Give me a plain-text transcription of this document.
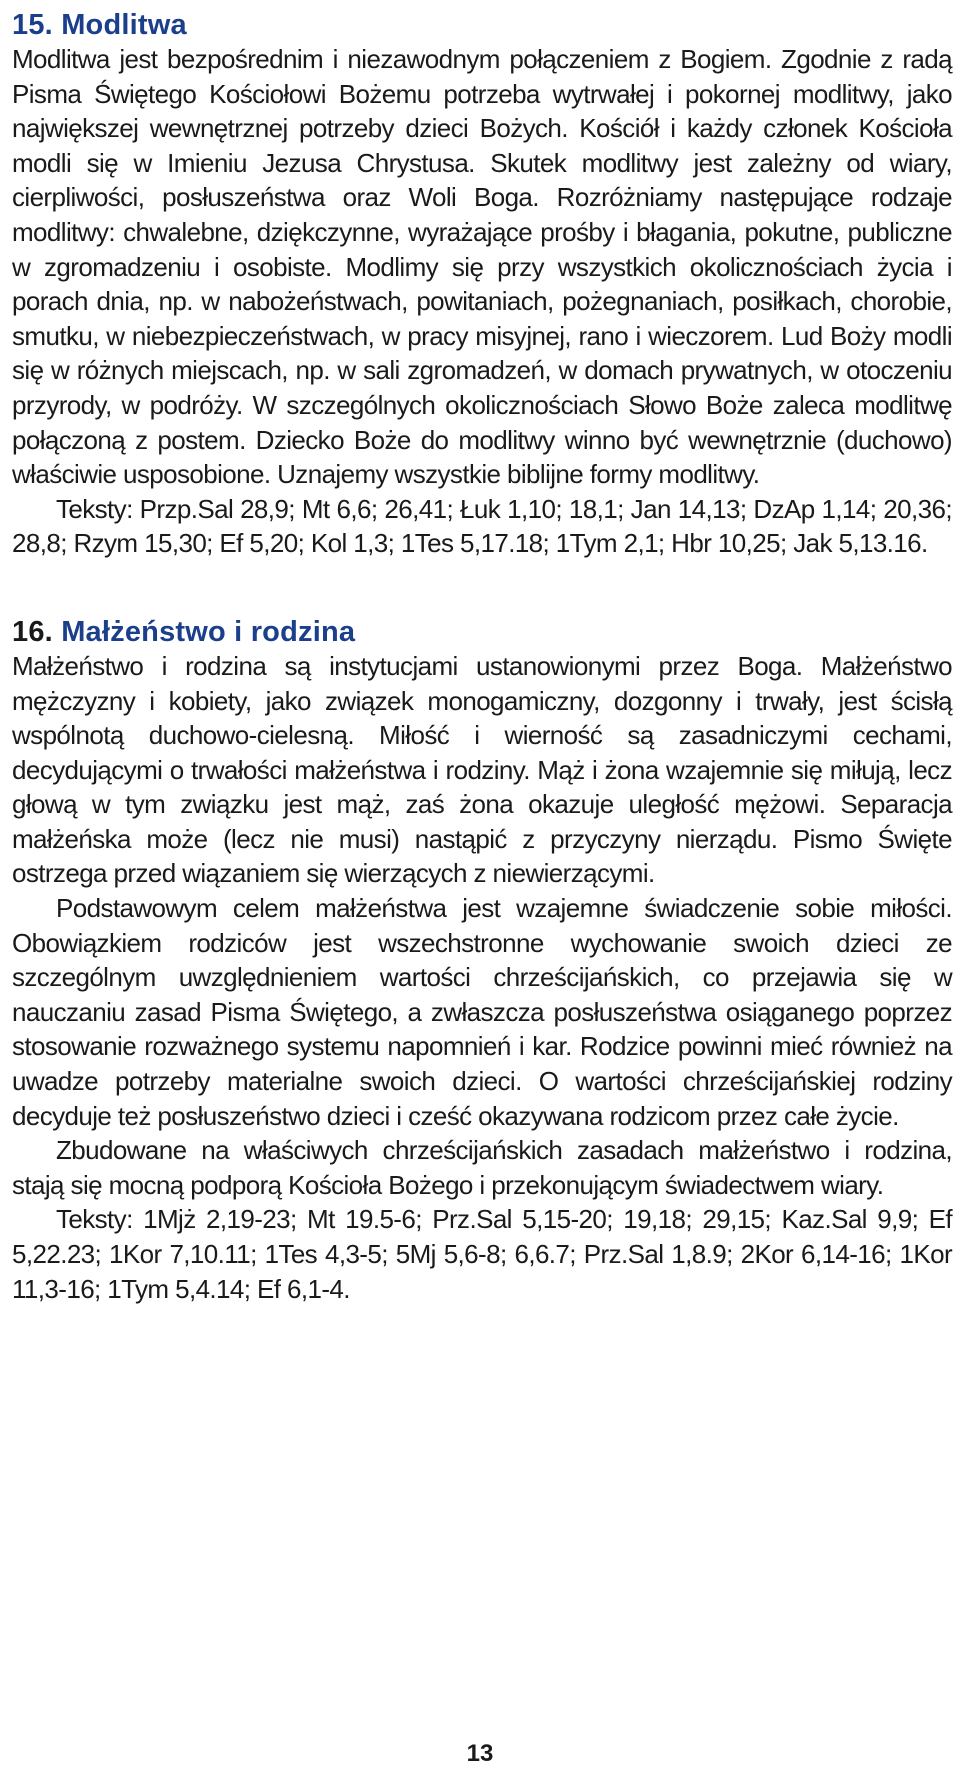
15. Modlitwa

Modlitwa jest bezpośrednim i niezawodnym połączeniem z Bogiem. Zgodnie z radą Pisma Świętego Kościołowi Bożemu potrzeba wytrwałej i pokornej modlitwy, jako największej wewnętrznej potrzeby dzieci Bożych. Kościół i każdy członek Kościoła modli się w Imieniu Jezusa Chrystusa. Skutek modlitwy jest zależny od wiary, cierpliwości, posłuszeństwa oraz Woli Boga. Rozróżniamy następujące rodzaje modlitwy: chwalebne, dziękczynne, wyrażające prośby i błagania, pokutne, publiczne w zgromadzeniu i osobiste. Modlimy się przy wszystkich okolicznościach życia i porach dnia, np. w nabożeństwach, powitaniach, pożegnaniach, posiłkach, chorobie, smutku, w niebezpieczeństwach, w pracy misyjnej, rano i wieczorem. Lud Boży modli się w różnych miejscach, np. w sali zgromadzeń, w domach prywatnych, w otoczeniu przyrody, w podróży. W szczególnych okolicznościach Słowo Boże zaleca modlitwę połączoną z postem. Dziecko Boże do modlitwy winno być wewnętrznie (duchowo) właściwie usposobione. Uznajemy wszystkie biblijne formy modlitwy.

Teksty: Przp.Sal 28,9; Mt 6,6; 26,41; Łuk 1,10; 18,1; Jan 14,13; DzAp 1,14; 20,36; 28,8; Rzym 15,30; Ef 5,20; Kol 1,3; 1Tes 5,17.18; 1Tym 2,1; Hbr 10,25; Jak 5,13.16.

16. Małżeństwo i rodzina

Małżeństwo i rodzina są instytucjami ustanowionymi przez Boga. Małżeństwo mężczyzny i kobiety, jako związek monogamiczny, dozgonny i trwały, jest ścisłą wspólnotą duchowo-cielesną. Miłość i wierność są zasadniczymi cechami, decydującymi o trwałości małżeństwa i rodziny. Mąż i żona wzajemnie się miłują, lecz głową w tym związku jest mąż, zaś żona okazuje uległość mężowi. Separacja małżeńska może (lecz nie musi) nastąpić z przyczyny nierządu. Pismo Święte ostrzega przed wiązaniem się wierzących z niewierzącymi.

Podstawowym celem małżeństwa jest wzajemne świadczenie sobie miłości. Obowiązkiem rodziców jest wszechstronne wychowanie swoich dzieci ze szczególnym uwzględnieniem wartości chrześcijańskich, co przejawia się w nauczaniu zasad Pisma Świętego, a zwłaszcza posłuszeństwa osiąganego poprzez stosowanie rozważnego systemu napomnień i kar. Rodzice powinni mieć również na uwadze potrzeby materialne swoich dzieci. O wartości chrześcijańskiej rodziny decyduje też posłuszeństwo dzieci i cześć okazywana rodzicom przez całe życie.

Zbudowane na właściwych chrześcijańskich zasadach małżeństwo i rodzina, stają się mocną podporą Kościoła Bożego i przekonującym świadectwem wiary.

Teksty: 1Mjż 2,19-23; Mt 19.5-6; Prz.Sal 5,15-20; 19,18; 29,15; Kaz.Sal 9,9; Ef 5,22.23; 1Kor 7,10.11; 1Tes 4,3-5; 5Mj 5,6-8; 6,6.7; Prz.Sal 1,8.9; 2Kor 6,14-16; 1Kor 11,3-16; 1Tym 5,4.14; Ef 6,1-4.

13
